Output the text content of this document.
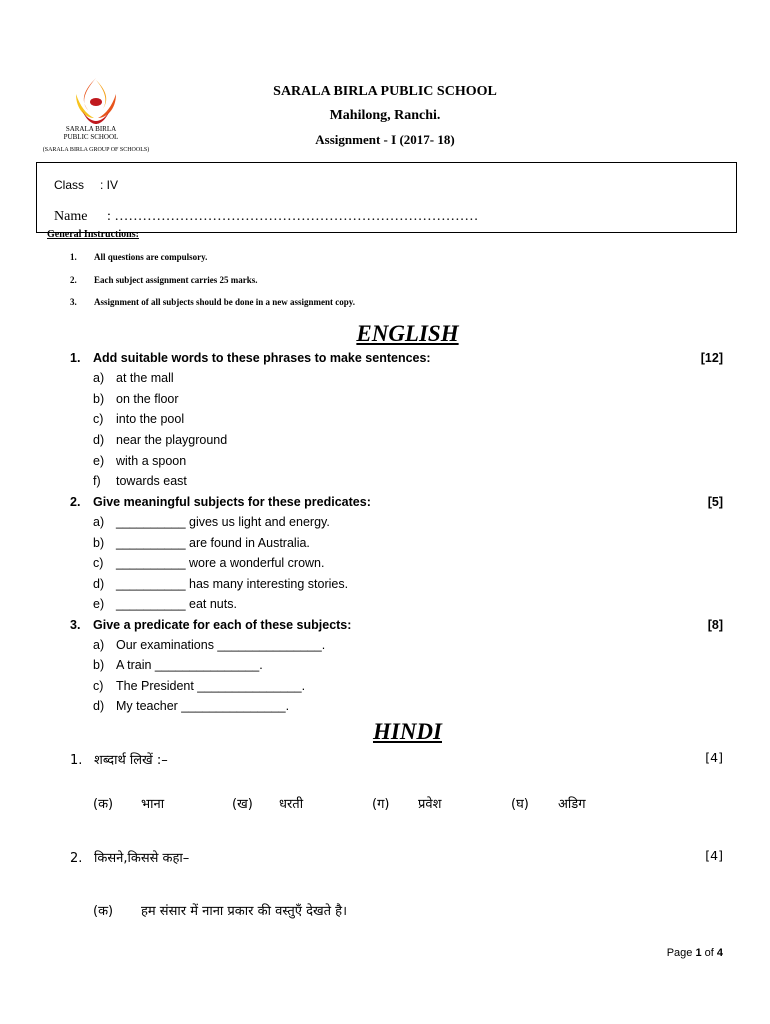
SARALA BIRLA
PUBLIC SCHOOL
(SARALA BIRLA GROUP OF SCHOOLS)
SARALA BIRLA PUBLIC SCHOOL
Mahilong, Ranchi.
Assignment - I (2017- 18)
Class : IV
Name : ……………………………………………………………………
General Instructions:
1. All questions are compulsory.
2. Each subject assignment carries 25 marks.
3. Assignment of all subjects should be done in a new assignment copy.
ENGLISH
1. Add suitable words to these phrases to make sentences:	[12]
a) at the mall
b) on the floor
c) into the pool
d) near the playground
e) with a spoon
f) towards east
2. Give meaningful subjects for these predicates:	[5]
a) __________ gives us light and energy.
b) __________ are found in Australia.
c) __________ wore a wonderful crown.
d) __________ has many interesting stories.
e) __________ eat nuts.
3. Give a predicate for each of these subjects:	[8]
a) Our examinations _______________.
b) A train _______________.
c) The President _______________.
d) My teacher _______________.
HINDI
1. शब्दार्थ लिखें :–	[4]
(क) भाना	(ख) धरती	(ग) प्रवेश	(घ) अडिग
2. किसने,किससे कहा–	[4]
(क) हम संसार में नाना प्रकार की वस्तुएँ देखते है।
Page 1 of 4
